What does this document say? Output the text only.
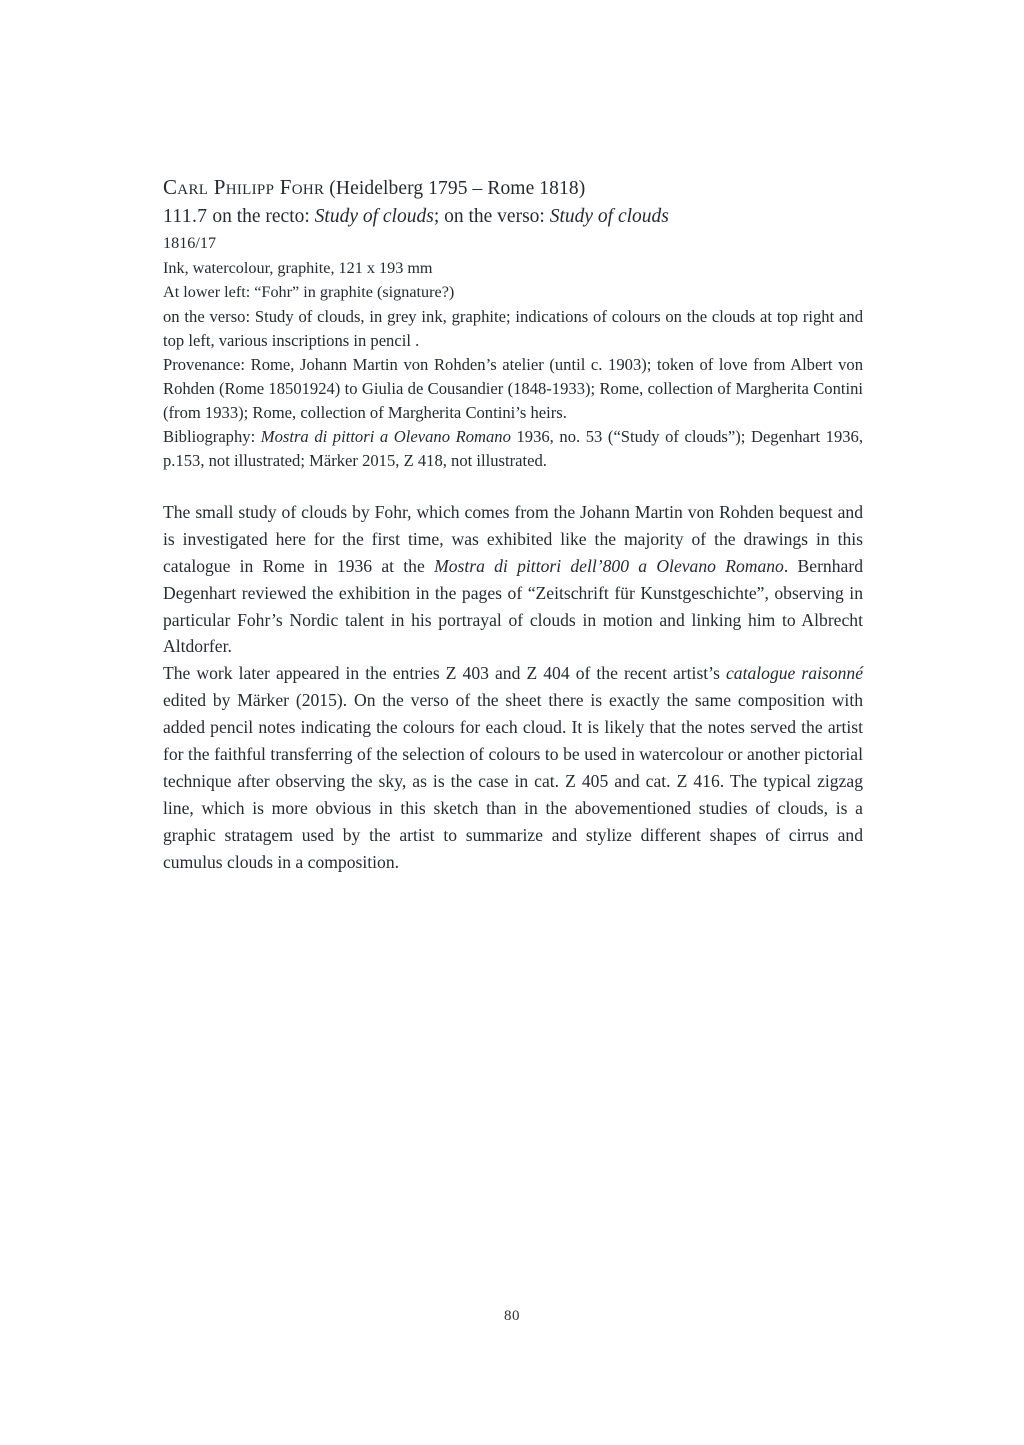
Carl Philipp Fohr (Heidelberg 1795 – Rome 1818)

111.7 on the recto: Study of clouds; on the verso: Study of clouds

1816/17

Ink, watercolour, graphite, 121 x 193 mm

At lower left: “Fohr” in graphite (signature?)

on the verso: Study of clouds, in grey ink, graphite; indications of colours on the clouds at top right and top left, various inscriptions in pencil .

Provenance: Rome, Johann Martin von Rohden’s atelier (until c. 1903); token of love from Albert von Rohden (Rome 18501924) to Giulia de Cousandier (1848-1933); Rome, collection of Margherita Contini (from 1933); Rome, collection of Margherita Contini’s heirs.

Bibliography: Mostra di pittori a Olevano Romano 1936, no. 53 (“Study of clouds”); Degenhart 1936, p.153, not illustrated; Märker 2015, Z 418, not illustrated.

The small study of clouds by Fohr, which comes from the Johann Martin von Rohden bequest and is investigated here for the first time, was exhibited like the majority of the drawings in this catalogue in Rome in 1936 at the Mostra di pittori dell’800 a Olevano Romano. Bernhard Degenhart reviewed the exhibition in the pages of “Zeitschrift für Kunstgeschichte”, observing in particular Fohr’s Nordic talent in his portrayal of clouds in motion and linking him to Albrecht Altdorfer.

The work later appeared in the entries Z 403 and Z 404 of the recent artist’s catalogue raisonné edited by Märker (2015). On the verso of the sheet there is exactly the same composition with added pencil notes indicating the colours for each cloud. It is likely that the notes served the artist for the faithful transferring of the selection of colours to be used in watercolour or another pictorial technique after observing the sky, as is the case in cat. Z 405 and cat. Z 416. The typical zigzag line, which is more obvious in this sketch than in the abovementioned studies of clouds, is a graphic stratagem used by the artist to summarize and stylize different shapes of cirrus and cumulus clouds in a composition.

80
